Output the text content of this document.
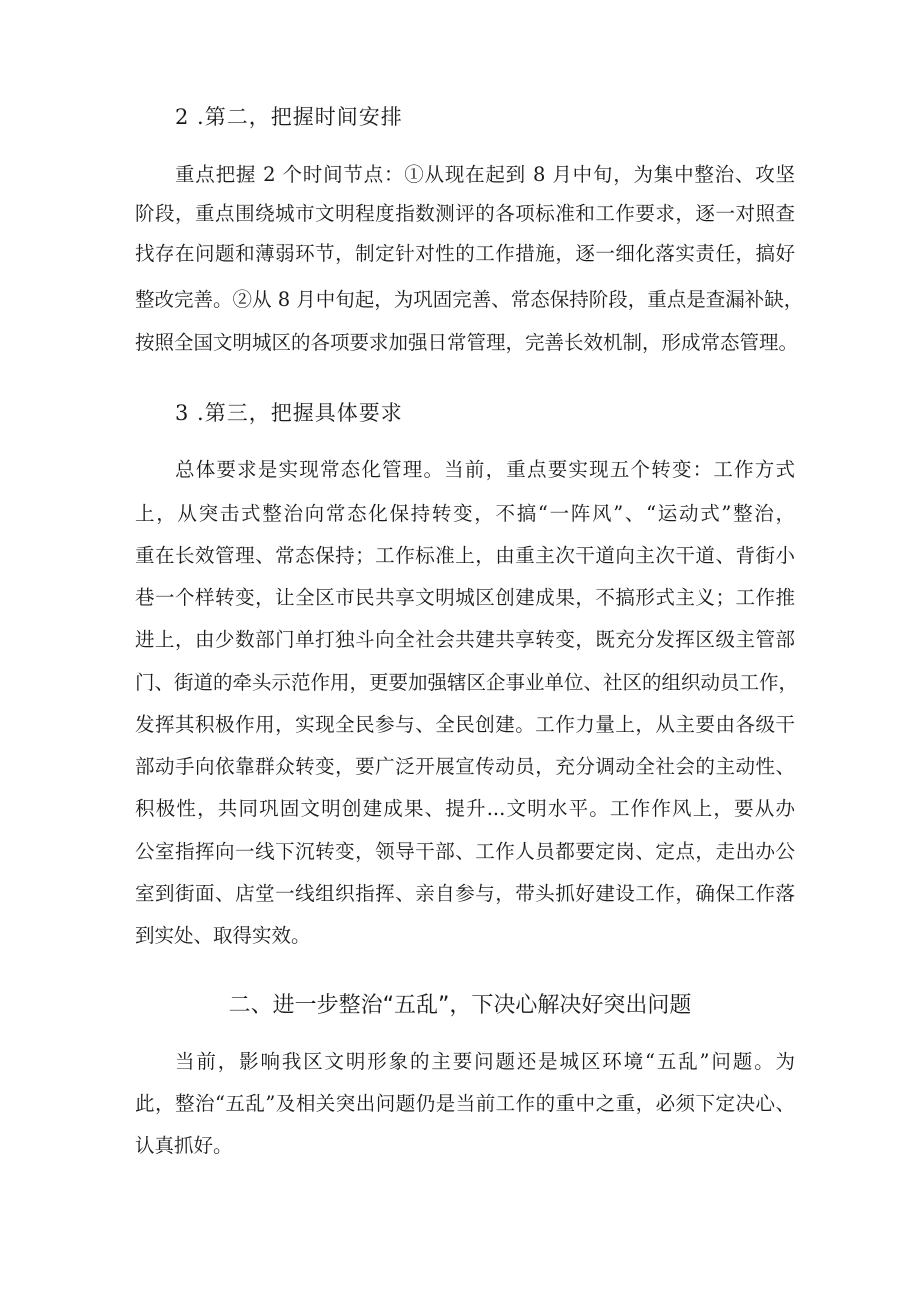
2 .第二，把握时间安排

重点把握 2 个时间节点：①从现在起到 8 月中旬，为集中整治、攻坚

阶段，重点围绕城市文明程度指数测评的各项标准和工作要求，逐一对照查

找存在问题和薄弱环节，制定针对性的工作措施，逐一细化落实责任，搞好

整改完善。②从 8 月中旬起，为巩固完善、常态保持阶段，重点是查漏补缺，

按照全国文明城区的各项要求加强日常管理，完善长效机制，形成常态管理。

3 .第三，把握具体要求

总体要求是实现常态化管理。当前，重点要实现五个转变：工作方式

上，从突击式整治向常态化保持转变，不搞“一阵风”、“运动式”整治，

重在长效管理、常态保持；工作标准上，由重主次干道向主次干道、背街小

巷一个样转变，让全区市民共享文明城区创建成果，不搞形式主义；工作推

进上，由少数部门单打独斗向全社会共建共享转变，既充分发挥区级主管部

门、街道的牵头示范作用，更要加强辖区企事业单位、社区的组织动员工作，

发挥其积极作用，实现全民参与、全民创建。工作力量上，从主要由各级干

部动手向依靠群众转变，要广泛开展宣传动员，充分调动全社会的主动性、

积极性，共同巩固文明创建成果、提升...文明水平。工作作风上，要从办

公室指挥向一线下沉转变，领导干部、工作人员都要定岗、定点，走出办公

室到街面、店堂一线组织指挥、亲自参与，带头抓好建设工作，确保工作落

到实处、取得实效。

二、进一步整治“五乱”，下决心解决好突出问题

当前，影响我区文明形象的主要问题还是城区环境“五乱”问题。为

此，整治“五乱”及相关突出问题仍是当前工作的重中之重，必须下定决心、

认真抓好。
